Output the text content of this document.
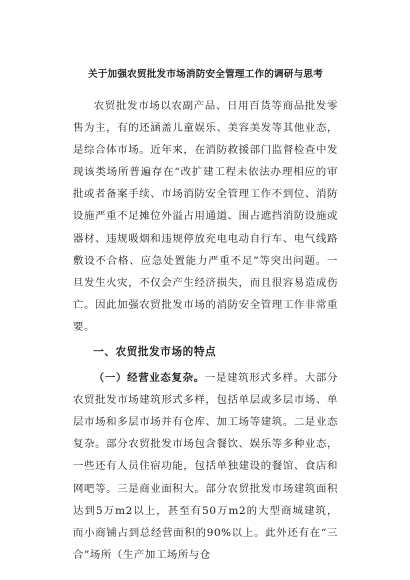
关于加强农贸批发市场消防安全管理工作的调研与思考

农贸批发市场以农副产品、日用百货等商品批发零售为主，有的还涵盖儿童娱乐、美容美发等其他业态，是综合体市场。近年来，在消防救援部门监督检查中发现该类场所普遍存在“改扩建工程未依法办理相应的审批或者备案手续、市场消防安全管理工作不到位、消防设施严重不足摊位外溢占用通道、围占遮挡消防设施或器材、违规吸烟和违规停放充电电动自行车、电气线路敷设不合格、应急处置能力严重不足”等突出问题。一旦发生火灾，不仅会产生经济损失，而且很容易造成伤亡。因此加强农贸批发市场的消防安全管理工作非常重要。

一、农贸批发市场的特点

（一）经营业态复杂。一是建筑形式多样。大部分农贸批发市场建筑形式多样，包括单层或多层市场、单层市场和多层市场并有仓库、加工场等建筑。二是业态复杂。部分农贸批发市场包含餐饮、娱乐等多种业态，一些还有人员住宿功能，包括单独建设的餐馆、食店和网吧等。三是商业面积大。部分农贸批发市场建筑面积达到5万m2以上，甚至有50万m2的大型商城建筑，而小商铺占到总经营面积的90%以上。此外还有在“三合”场所（生产加工场所与仓
